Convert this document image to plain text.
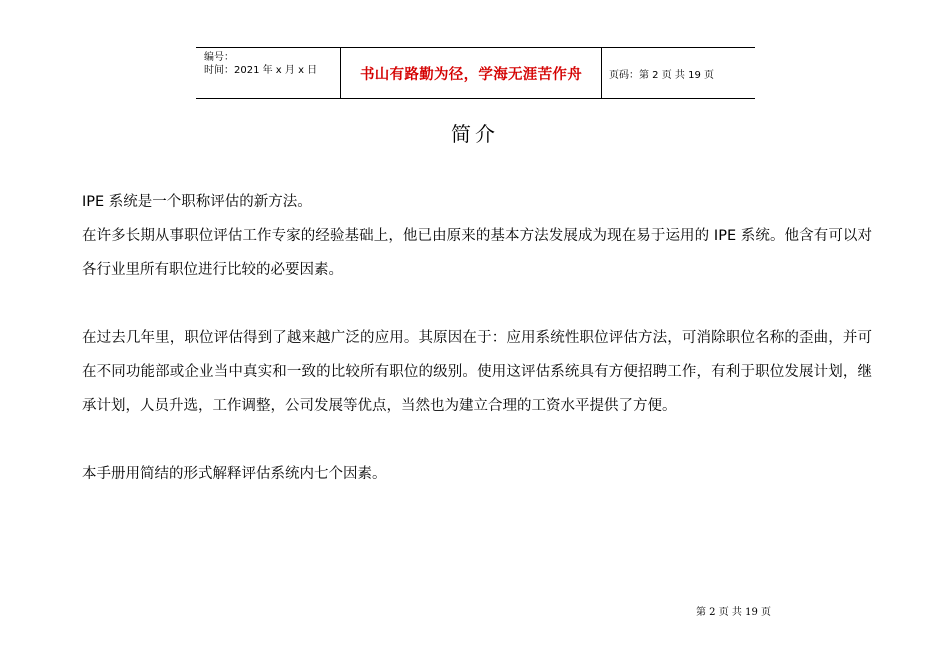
编号：
时间：2021 年 x 月 x 日	书山有路勤为径，学海无涯苦作舟	页码：第 2 页 共 19 页
简介

IPE 系统是一个职称评估的新方法。

在许多长期从事职位评估工作专家的经验基础上，他已由原来的基本方法发展成为现在易于运用的 IPE 系统。他含有可以对各行业里所有职位进行比较的必要因素。

在过去几年里，职位评估得到了越来越广泛的应用。其原因在于：应用系统性职位评估方法，可消除职位名称的歪曲，并可在不同功能部或企业当中真实和一致的比较所有职位的级别。使用这评估系统具有方便招聘工作，有利于职位发展计划，继承计划，人员升选，工作调整，公司发展等优点，当然也为建立合理的工资水平提供了方便。

本手册用简结的形式解释评估系统内七个因素。

第 2 页 共 19 页
